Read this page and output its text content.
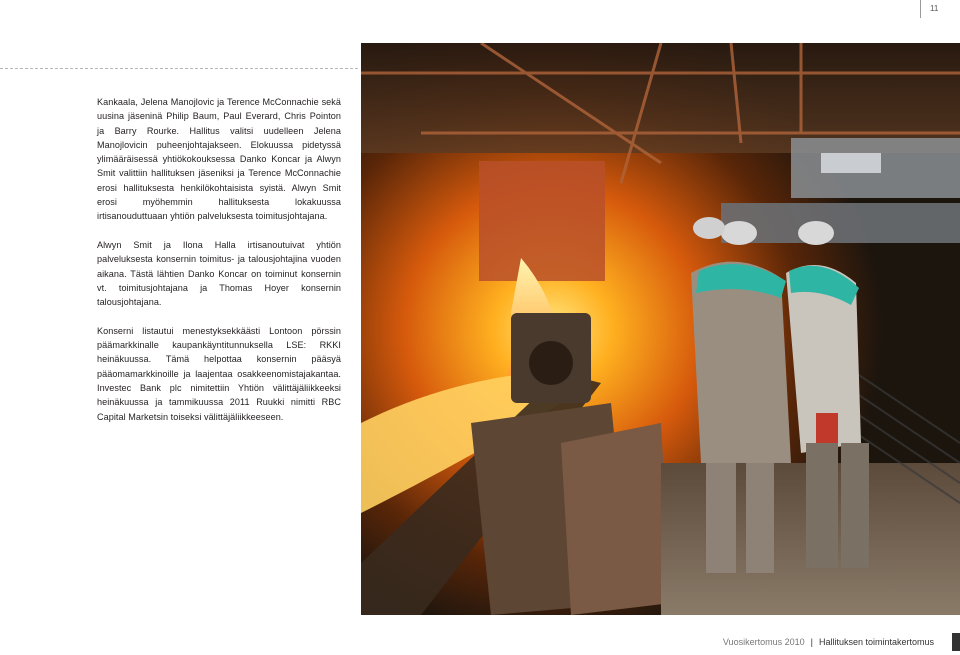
11

Kankaala, Jelena Manojlovic ja Terence McConnachie sekä uusina jäseninä Philip Baum, Paul Everard, Chris Pointon ja Barry Rourke. Hallitus valitsi uudelleen Jelena Manojlovicin puheenjohtajakseen. Elokuussa pidetyssä ylimääräisessä yhtiökokouksessa Danko Koncar ja Alwyn Smit valittiin hallituksen jäseniksi ja Terence McConnachie erosi hallituksesta henkilökohtaisista syistä. Alwyn Smit erosi myöhemmin hallituksesta lokakuussa irtisanouduttuaan yhtiön palveluksesta toimitusjohtajana.

Alwyn Smit ja Ilona Halla irtisanoutuivat yhtiön palveluksesta konsernin toimitus- ja talousjohtajina vuoden aikana. Tästä lähtien Danko Koncar on toiminut konsernin vt. toimitusjohtajana ja Thomas Hoyer konsernin talousjohtajana.

Konserni listautui menestyksekkäästi Lontoon pörssin päämarkkinalle kaupankäyntitunnuksella LSE: RKKI heinäkuussa. Tämä helpottaa konsernin pääsyä pääomamarkkinoille ja laajentaa osakkeenomistajakantaa. Investec Bank plc nimitettiin Yhtiön välittäjäliikkeeksi heinäkuussa ja tammikuussa 2011 Ruukki nimitti RBC Capital Marketsin toiseksi välittäjäliikkeeseen.

Vuosikertomus 2010 | Hallituksen toimintakertomus
